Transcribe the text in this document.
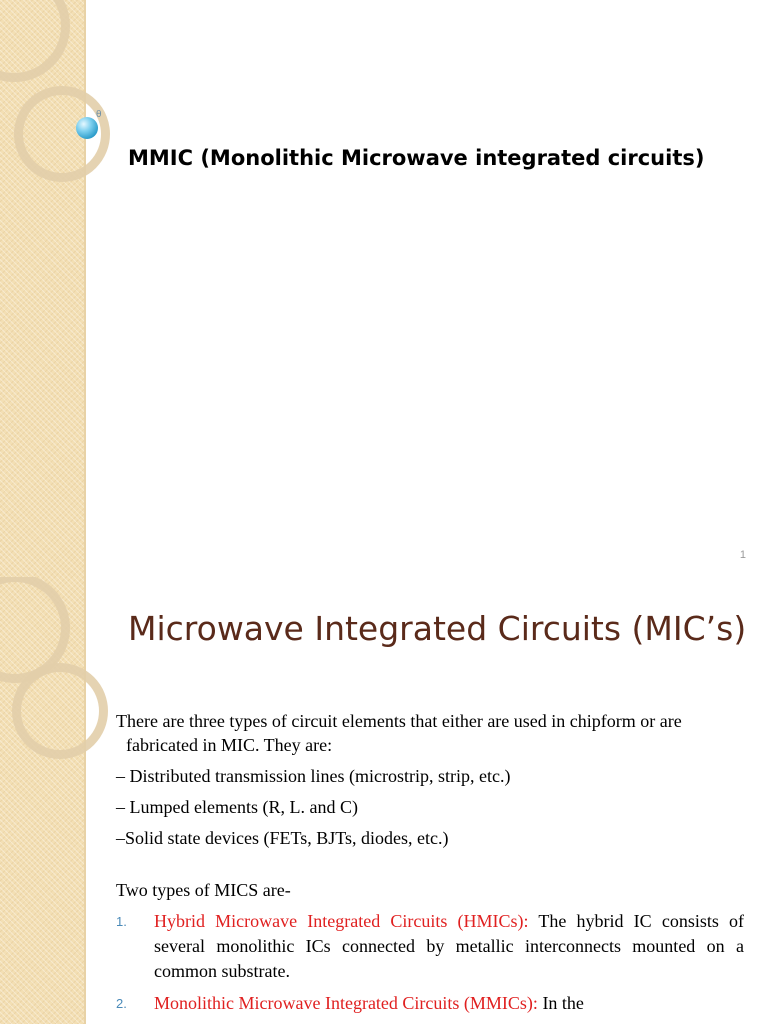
θ
MMIC (Monolithic Microwave integrated circuits)
1
Microwave Integrated Circuits (MIC’s)

There are three types of circuit elements that either are used in chipform or are fabricated in MIC. They are:

– Distributed transmission lines (microstrip, strip, etc.)

– Lumped elements (R, L. and C)

–Solid state devices (FETs, BJTs, diodes, etc.)

Two types of MICS are-

1. Hybrid Microwave Integrated Circuits (HMICs): The hybrid IC consists of several monolithic ICs connected by metallic interconnects mounted on a common substrate.
2. Monolithic Microwave Integrated Circuits (MMICs): In the
